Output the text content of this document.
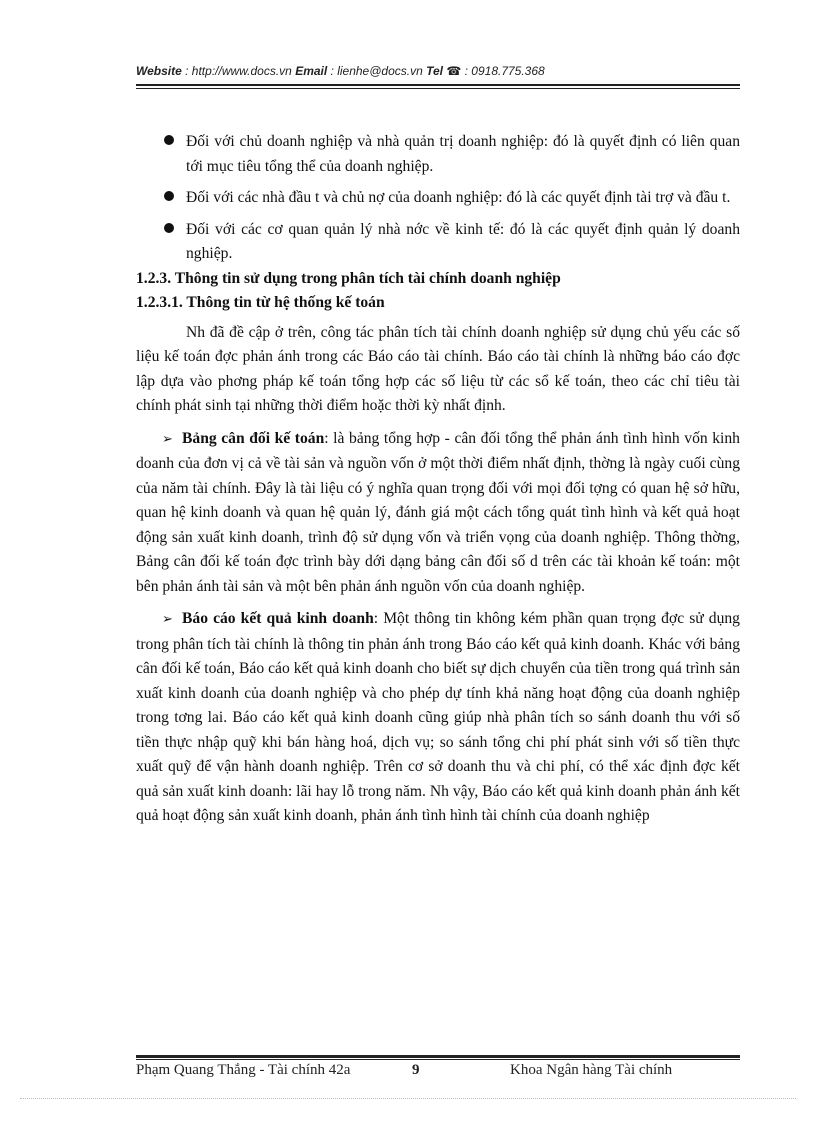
Website : http://www.docs.vn Email : lienhe@docs.vn Tel ☎ : 0918.775.368
Đối với chủ doanh nghiệp và nhà quản trị doanh nghiệp: đó là quyết định có liên quan tới mục tiêu tổng thể của doanh nghiệp.
Đối với các nhà đầu t và chủ nợ của doanh nghiệp: đó là các quyết định tài trợ và đầu t.
Đối với các cơ quan quản lý nhà nớc về kinh tế: đó là các quyết định quản lý doanh nghiệp.

1.2.3. Thông tin sử dụng trong phân tích tài chính doanh nghiệp

1.2.3.1. Thông tin từ hệ thống kế toán

Nh đã đề cập ở trên, công tác phân tích tài chính doanh nghiệp sử dụng chủ yếu các số liệu kế toán đợc phản ánh trong các Báo cáo tài chính. Báo cáo tài chính là những báo cáo đợc lập dựa vào phơng pháp kế toán tổng hợp các số liệu từ các sổ kế toán, theo các chỉ tiêu tài chính phát sinh tại những thời điểm hoặc thời kỳ nhất định.

➢ Bảng cân đối kế toán: là bảng tổng hợp - cân đối tổng thể phản ánh tình hình vốn kinh doanh của đơn vị cả về tài sản và nguồn vốn ở một thời điểm nhất định, thờng là ngày cuối cùng của năm tài chính. Đây là tài liệu có ý nghĩa quan trọng đối với mọi đối tợng có quan hệ sở hữu, quan hệ kinh doanh và quan hệ quản lý, đánh giá một cách tổng quát tình hình và kết quả hoạt động sản xuất kinh doanh, trình độ sử dụng vốn và triển vọng của doanh nghiệp. Thông thờng, Bảng cân đối kế toán đợc trình bày dới dạng bảng cân đối số d trên các tài khoản kế toán: một bên phản ánh tài sản và một bên phản ánh nguồn vốn của doanh nghiệp.

➢ Báo cáo kết quả kinh doanh: Một thông tin không kém phần quan trọng đợc sử dụng trong phân tích tài chính là thông tin phản ánh trong Báo cáo kết quả kinh doanh. Khác với bảng cân đối kế toán, Báo cáo kết quả kinh doanh cho biết sự dịch chuyển của tiền trong quá trình sản xuất kinh doanh của doanh nghiệp và cho phép dự tính khả năng hoạt động của doanh nghiệp trong tơng lai. Báo cáo kết quả kinh doanh cũng giúp nhà phân tích so sánh doanh thu với số tiền thực nhập quỹ khi bán hàng hoá, dịch vụ; so sánh tổng chi phí phát sinh với số tiền thực xuất quỹ để vận hành doanh nghiệp. Trên cơ sở doanh thu và chi phí, có thể xác định đợc kết quả sản xuất kinh doanh: lãi hay lỗ trong năm. Nh vậy, Báo cáo kết quả kinh doanh phản ánh kết quả hoạt động sản xuất kinh doanh, phản ánh tình hình tài chính của doanh nghiệp

Phạm Quang Thắng - Tài chính 42a	9	Khoa Ngân hàng Tài chính
